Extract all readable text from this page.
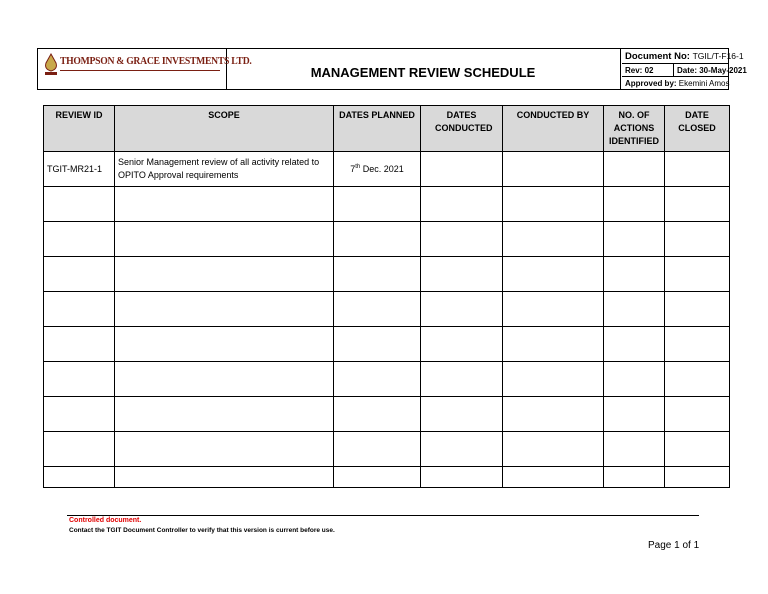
THOMPSON & GRACE INVESTMENTS LTD.
MANAGEMENT REVIEW SCHEDULE
Document No:
TGIL/T-F16-1
Rev: 02	Date: 30-May-2021
Approved by:
Ekemini Amos
REVIEW ID	SCOPE	DATES PLANNED	DATES CONDUCTED	CONDUCTED BY	NO. OF ACTIONS IDENTIFIED	DATE CLOSED
TGIT-MR21-1	Senior Management review of all activity related to OPITO Approval requirements	7th Dec. 2021				

Controlled document.
Contact the TGIT Document Controller to verify that this version is current before use.
Page 1 of 1
